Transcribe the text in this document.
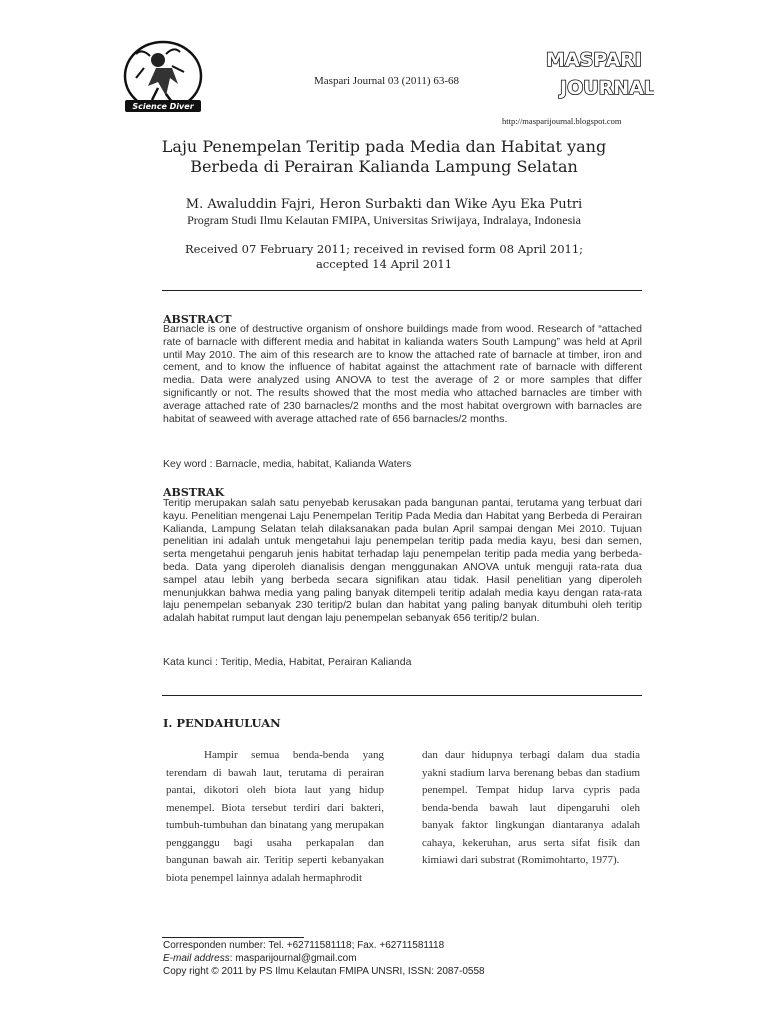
Science Diver
Maspari Journal 03 (2011) 63-68
MASPARI
JOURNAL
http://masparijournal.blogspot.com
Laju Penempelan Teritip pada Media dan Habitat yang
Berbeda di Perairan Kalianda Lampung Selatan
M. Awaluddin Fajri, Heron Surbakti dan Wike Ayu Eka Putri
Program Studi Ilmu Kelautan FMIPA, Universitas Sriwijaya, Indralaya, Indonesia
Received 07 February 2011; received in revised form 08 April 2011;
accepted 14 April 2011
ABSTRACT
Barnacle is one of destructive organism of onshore buildings made from wood. Research of “attached rate of barnacle with different media and habitat in kalianda waters South Lampung” was held at April until May 2010. The aim of this research are to know the attached rate of barnacle at timber, iron and cement, and to know the influence of habitat against the attachment rate of barnacle with different media. Data were analyzed using ANOVA to test the average of 2 or more samples that differ significantly or not. The results showed that the most media who attached barnacles are timber with average attached rate of 230 barnacles/2 months and the most habitat overgrown with barnacles are habitat of seaweed with average attached rate of 656 barnacles/2 months.
Key word : Barnacle, media, habitat, Kalianda Waters
ABSTRAK
Teritip merupakan salah satu penyebab kerusakan pada bangunan pantai, terutama yang terbuat dari kayu. Penelitian mengenai Laju Penempelan Teritip Pada Media dan Habitat yang Berbeda di Perairan Kalianda, Lampung Selatan telah dilaksanakan pada bulan April sampai dengan Mei 2010. Tujuan penelitian ini adalah untuk mengetahui laju penempelan teritip pada media kayu, besi dan semen, serta mengetahui pengaruh jenis habitat terhadap laju penempelan teritip pada media yang berbeda-beda. Data yang diperoleh dianalisis dengan menggunakan ANOVA untuk menguji rata-rata dua sampel atau lebih yang berbeda secara signifikan atau tidak. Hasil penelitian yang diperoleh menunjukkan bahwa media yang paling banyak ditempeli teritip adalah media kayu dengan rata-rata laju penempelan sebanyak 230 teritip/2 bulan dan habitat yang paling banyak ditumbuhi oleh teritip adalah habitat rumput laut dengan laju penempelan sebanyak 656 teritip/2 bulan.
Kata kunci : Teritip, Media, Habitat, Perairan Kalianda
I. PENDAHULUAN
Hampir semua benda-benda yang terendam di bawah laut, terutama di perairan pantai, dikotori oleh biota laut yang hidup menempel. Biota tersebut terdiri dari bakteri, tumbuh-tumbuhan dan binatang yang merupakan pengganggu bagi usaha perkapalan dan bangunan bawah air. Teritip seperti kebanyakan biota penempel lainnya adalah hermaphrodit
dan daur hidupnya terbagi dalam dua stadia yakni stadium larva berenang bebas dan stadium penempel. Tempat hidup larva cypris pada benda-benda bawah laut dipengaruhi oleh banyak faktor lingkungan diantaranya adalah cahaya, kekeruhan, arus serta sifat fisik dan kimiawi dari substrat (Romimohtarto, 1977).
Corresponden number: Tel. +62711581118; Fax. +62711581118
E-mail address: masparijournal@gmail.com
Copy right © 2011 by PS Ilmu Kelautan FMIPA UNSRI, ISSN: 2087-0558
